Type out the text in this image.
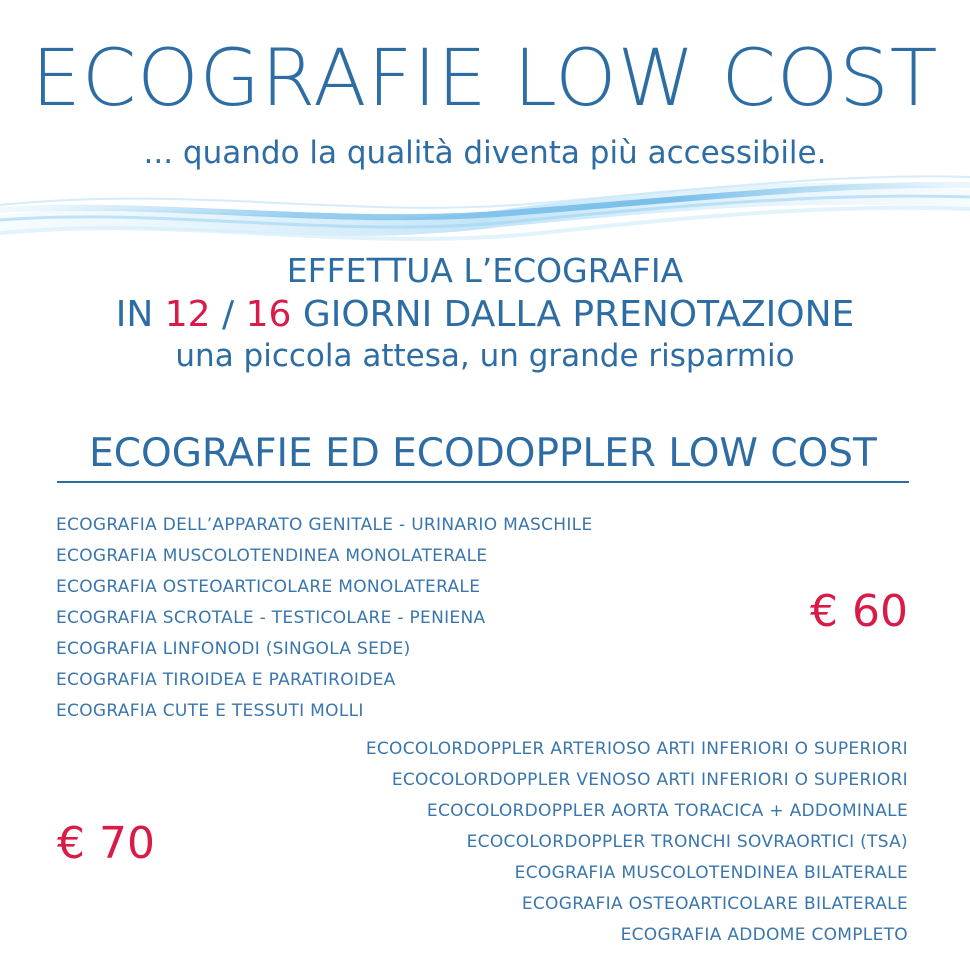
ECOGRAFIE LOW COST
... quando la qualità diventa più accessibile.
EFFETTUA L’ECOGRAFIA
IN 12 / 16 GIORNI DALLA PRENOTAZIONE
una piccola attesa, un grande risparmio
ECOGRAFIE ED ECODOPPLER LOW COST
ECOGRAFIA DELL’APPARATO GENITALE - URINARIO MASCHILE
ECOGRAFIA MUSCOLOTENDINEA MONOLATERALE
ECOGRAFIA OSTEOARTICOLARE MONOLATERALE
ECOGRAFIA SCROTALE - TESTICOLARE - PENIENA
ECOGRAFIA LINFONODI (SINGOLA SEDE)
ECOGRAFIA TIROIDEA E PARATIROIDEA
ECOGRAFIA CUTE E TESSUTI MOLLI
€ 60
ECOCOLORDOPPLER ARTERIOSO ARTI INFERIORI O SUPERIORI
ECOCOLORDOPPLER VENOSO ARTI INFERIORI O SUPERIORI
ECOCOLORDOPPLER AORTA TORACICA + ADDOMINALE
ECOCOLORDOPPLER TRONCHI SOVRAORTICI (TSA)
ECOGRAFIA MUSCOLOTENDINEA BILATERALE
ECOGRAFIA OSTEOARTICOLARE BILATERALE
ECOGRAFIA ADDOME COMPLETO
€ 70
